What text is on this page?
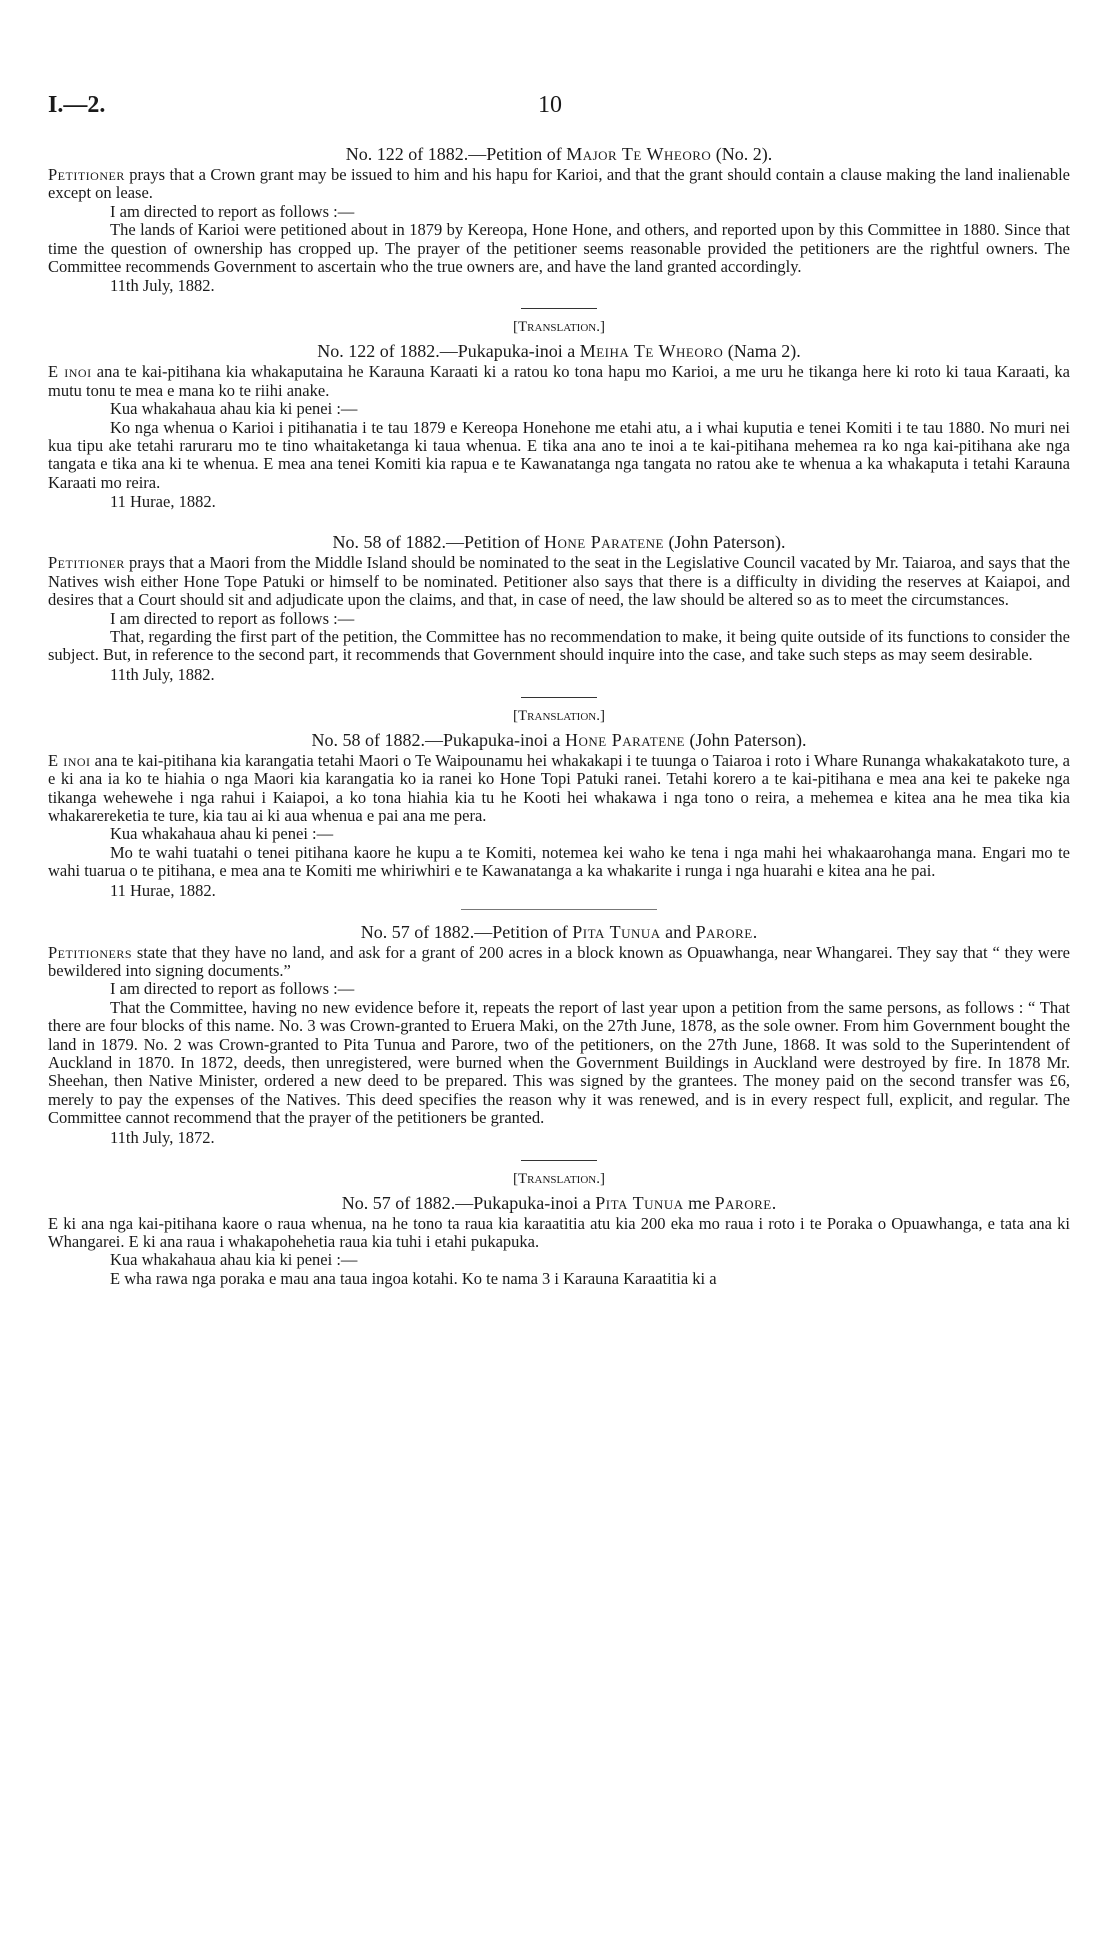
I.—2.	10

No. 122 of 1882.—Petition of Major Te Wheoro (No. 2).

Petitioner prays that a Crown grant may be issued to him and his hapu for Karioi, and that the grant should contain a clause making the land inalienable except on lease.

I am directed to report as follows :—

The lands of Karioi were petitioned about in 1879 by Kereopa, Hone Hone, and others, and reported upon by this Committee in 1880. Since that time the question of ownership has cropped up. The prayer of the petitioner seems reasonable provided the petitioners are the rightful owners. The Committee recommends Government to ascertain who the true owners are, and have the land granted accordingly.

11th July, 1882.

[Translation.]

No. 122 of 1882.—Pukapuka-inoi a Meiha Te Wheoro (Nama 2).

E inoi ana te kai-pitihana kia whakaputaina he Karauna Karaati ki a ratou ko tona hapu mo Karioi, a me uru he tikanga here ki roto ki taua Karaati, ka mutu tonu te mea e mana ko te riihi anake.

Kua whakahaua ahau kia ki penei :—

Ko nga whenua o Karioi i pitihanatia i te tau 1879 e Kereopa Honehone me etahi atu, a i whai kuputia e tenei Komiti i te tau 1880. No muri nei kua tipu ake tetahi raruraru mo te tino whaitaketanga ki taua whenua. E tika ana ano te inoi a te kai-pitihana mehemea ra ko nga kai-pitihana ake nga tangata e tika ana ki te whenua. E mea ana tenei Komiti kia rapua e te Kawanatanga nga tangata no ratou ake te whenua a ka whakaputa i tetahi Karauna Karaati mo reira.

11 Hurae, 1882.

No. 58 of 1882.—Petition of Hone Paratene (John Paterson).

Petitioner prays that a Maori from the Middle Island should be nominated to the seat in the Legislative Council vacated by Mr. Taiaroa, and says that the Natives wish either Hone Tope Patuki or himself to be nominated. Petitioner also says that there is a difficulty in dividing the reserves at Kaiapoi, and desires that a Court should sit and adjudicate upon the claims, and that, in case of need, the law should be altered so as to meet the circumstances.

I am directed to report as follows :—

That, regarding the first part of the petition, the Committee has no recommendation to make, it being quite outside of its functions to consider the subject. But, in reference to the second part, it recommends that Government should inquire into the case, and take such steps as may seem desirable.

11th July, 1882.

[Translation.]

No. 58 of 1882.—Pukapuka-inoi a Hone Paratene (John Paterson).

E inoi ana te kai-pitihana kia karangatia tetahi Maori o Te Waipounamu hei whakakapi i te tuunga o Taiaroa i roto i Whare Runanga whakakatakoto ture, a e ki ana ia ko te hiahia o nga Maori kia karangatia ko ia ranei ko Hone Topi Patuki ranei. Tetahi korero a te kai-pitihana e mea ana kei te pakeke nga tikanga wehewehe i nga rahui i Kaiapoi, a ko tona hiahia kia tu he Kooti hei whakawa i nga tono o reira, a mehemea e kitea ana he mea tika kia whakarereketia te ture, kia tau ai ki aua whenua e pai ana me pera.

Kua whakahaua ahau ki penei :—

Mo te wahi tuatahi o tenei pitihana kaore he kupu a te Komiti, notemea kei waho ke tena i nga mahi hei whakaarohanga mana. Engari mo te wahi tuarua o te pitihana, e mea ana te Komiti me whiriwhiri e te Kawanatanga a ka whakarite i runga i nga huarahi e kitea ana he pai.

11 Hurae, 1882.

No. 57 of 1882.—Petition of Pita Tunua and Parore.

Petitioners state that they have no land, and ask for a grant of 200 acres in a block known as Opuawhanga, near Whangarei. They say that “ they were bewildered into signing documents.”

I am directed to report as follows :—

That the Committee, having no new evidence before it, repeats the report of last year upon a petition from the same persons, as follows : “ That there are four blocks of this name. No. 3 was Crown-granted to Eruera Maki, on the 27th June, 1878, as the sole owner. From him Government bought the land in 1879. No. 2 was Crown-granted to Pita Tunua and Parore, two of the petitioners, on the 27th June, 1868. It was sold to the Superintendent of Auckland in 1870. In 1872, deeds, then unregistered, were burned when the Government Buildings in Auckland were destroyed by fire. In 1878 Mr. Sheehan, then Native Minister, ordered a new deed to be prepared. This was signed by the grantees. The money paid on the second transfer was £6, merely to pay the expenses of the Natives. This deed specifies the reason why it was renewed, and is in every respect full, explicit, and regular. The Committee cannot recommend that the prayer of the petitioners be granted.

11th July, 1872.

[Translation.]

No. 57 of 1882.—Pukapuka-inoi a Pita Tunua me Parore.

E ki ana nga kai-pitihana kaore o raua whenua, na he tono ta raua kia karaatitia atu kia 200 eka mo raua i roto i te Poraka o Opuawhanga, e tata ana ki Whangarei. E ki ana raua i whakapohehetia raua kia tuhi i etahi pukapuka.

Kua whakahaua ahau kia ki penei :—

E wha rawa nga poraka e mau ana taua ingoa kotahi. Ko te nama 3 i Karauna Karaatitia ki a
